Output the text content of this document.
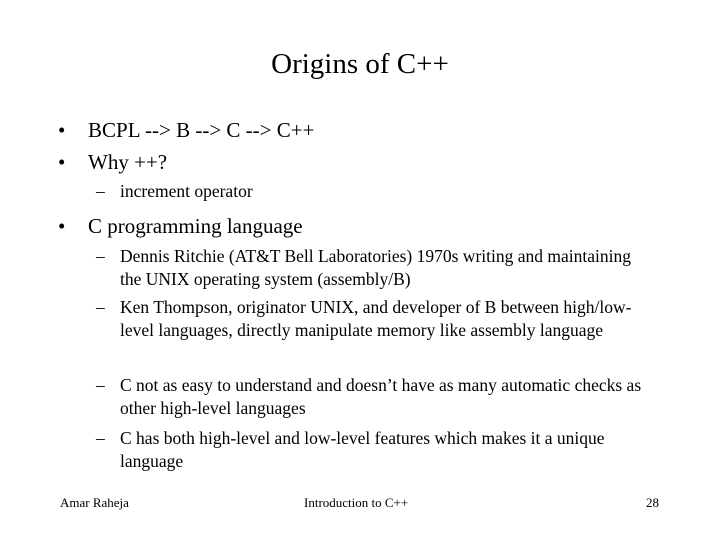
Origins of C++
• BCPL --> B --> C --> C++
• Why ++?
– increment operator
• C programming language
– Dennis Ritchie (AT&T Bell Laboratories) 1970s writing and maintaining the UNIX operating system (assembly/B)
– Ken Thompson, originator UNIX, and developer of B between high/low-level languages, directly manipulate memory like assembly language
– C not as easy to understand and doesn’t have as many automatic checks as other high-level languages
– C has both high-level and low-level features which makes it a unique language
Amar Raheja	Introduction to C++	28
